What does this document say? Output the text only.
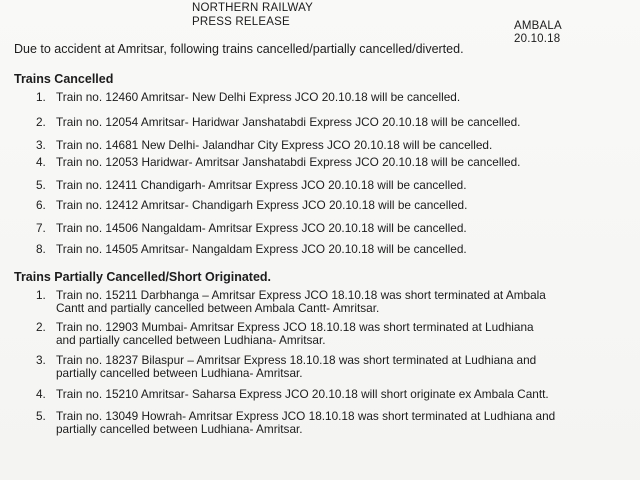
NORTHERN RAILWAY
PRESS RELEASE	AMBALA
20.10.18
Due to accident at Amritsar, following trains cancelled/partially cancelled/diverted.
Trains Cancelled
1. Train no. 12460 Amritsar- New Delhi Express JCO 20.10.18 will be cancelled.
2. Train no. 12054 Amritsar- Haridwar Janshatabdi Express JCO 20.10.18 will be cancelled.
3. Train no. 14681 New Delhi- Jalandhar City Express JCO 20.10.18 will be cancelled.
4. Train no. 12053 Haridwar- Amritsar Janshatabdi Express JCO 20.10.18 will be cancelled.
5. Train no. 12411 Chandigarh- Amritsar Express JCO 20.10.18 will be cancelled.
6. Train no. 12412 Amritsar- Chandigarh Express JCO 20.10.18 will be cancelled.
7. Train no. 14506 Nangaldam- Amritsar Express JCO 20.10.18 will be cancelled.
8. Train no. 14505 Amritsar- Nangaldam Express JCO 20.10.18 will be cancelled.
Trains Partially Cancelled/Short Originated.
1. Train no. 15211 Darbhanga – Amritsar Express JCO 18.10.18 was short terminated at Ambala Cantt and partially cancelled between Ambala Cantt- Amritsar.
2. Train no. 12903 Mumbai- Amritsar Express JCO 18.10.18 was short terminated at Ludhiana and partially cancelled between Ludhiana- Amritsar.
3. Train no. 18237 Bilaspur – Amritsar Express 18.10.18 was short terminated at Ludhiana and partially cancelled between Ludhiana- Amritsar.
4. Train no. 15210 Amritsar- Saharsa Express JCO 20.10.18 will short originate ex Ambala Cantt.
5. Train no. 13049 Howrah- Amritsar Express JCO 18.10.18 was short terminated at Ludhiana and partially cancelled between Ludhiana- Amritsar.
